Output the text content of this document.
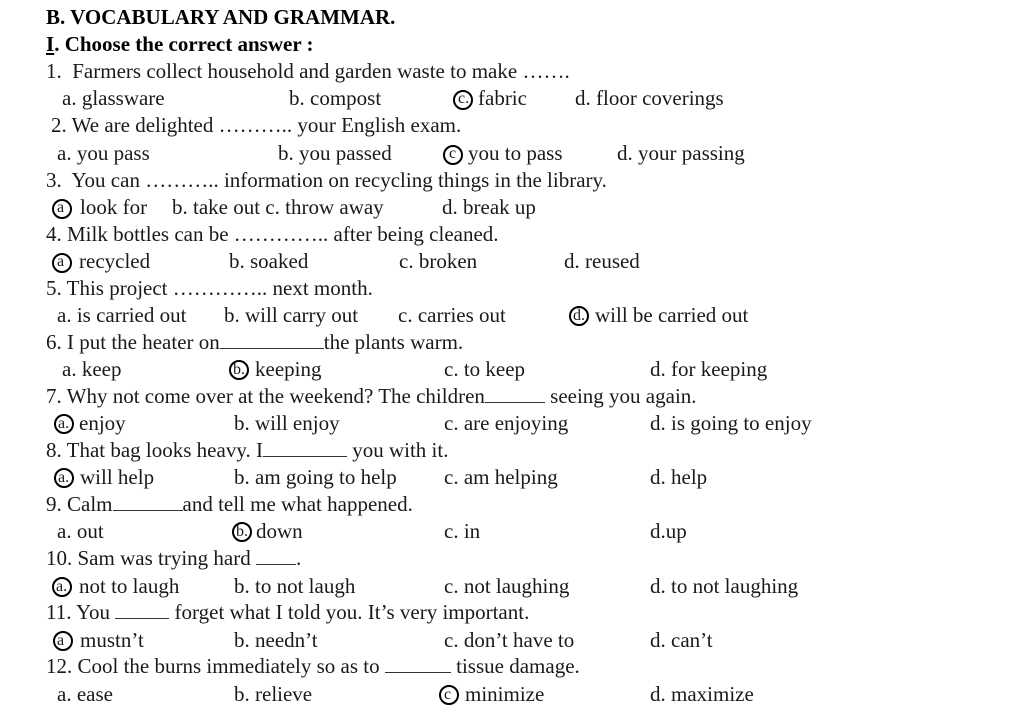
B. VOCABULARY AND GRAMMAR.
I. Choose the correct answer :
1. Farmers collect household and garden waste to make …….
a. glassware	b. compost	c. fabric d. floor coverings
2. We are delighted ……….. your English exam.
a. you pass	b. you passed	c you to pass	d. your passing
3. You can ……….. information on recycling things in the library.
a look for b. take out c. throw away	d. break up
4. Milk bottles can be ………….. after being cleaned.
a recycled	b. soaked	c. broken	d. reused
5. This project ………….. next month.
a. is carried out b. will carry out c. carries out	d. will be carried out
6. I put the heater on	the plants warm.
a. keep	b. keeping	c. to keep	d. for keeping
7. Why not come over at the weekend? The children	seeing you again.
a. enjoy	b. will enjoy	c. are enjoying	d. is going to enjoy
8. That bag looks heavy. I	you with it.
a. will help	b. am going to help c. am helping	d. help
9. Calm	and tell me what happened.
a. out	b. down	c. in	d.up
10. Sam was trying hard .
a. not to laugh	b. to not laugh	c. not laughing	d. to not laughing
11. You	forget what I told you. It’s very important.
a mustn’t	b. needn’t	c. don’t have to	d. can’t
12. Cool the burns immediately so as to	tissue damage.
a. ease	b. relieve	c minimize	d. maximize
